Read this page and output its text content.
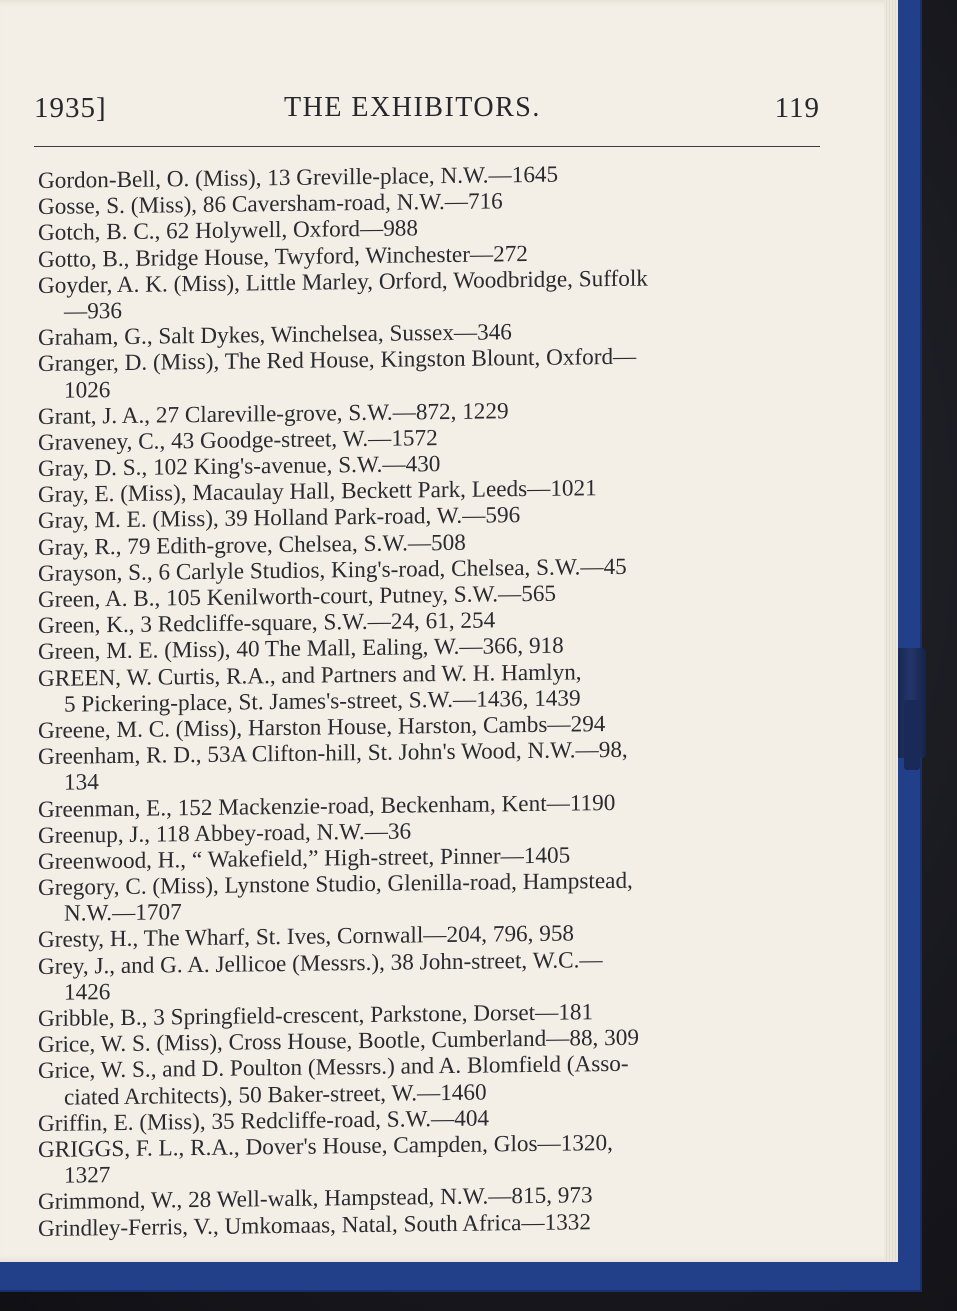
1935]	THE EXHIBITORS.	119
Gordon-Bell, O. (Miss), 13 Greville-place, N.W.—1645
Gosse, S. (Miss), 86 Caversham-road, N.W.—716
Gotch, B. C., 62 Holywell, Oxford—988
Gotto, B., Bridge House, Twyford, Winchester—272
Goyder, A. K. (Miss), Little Marley, Orford, Woodbridge, Suffolk
—936
Graham, G., Salt Dykes, Winchelsea, Sussex—346
Granger, D. (Miss), The Red House, Kingston Blount, Oxford—
1026
Grant, J. A., 27 Clareville-grove, S.W.—872, 1229
Graveney, C., 43 Goodge-street, W.—1572
Gray, D. S., 102 King's-avenue, S.W.—430
Gray, E. (Miss), Macaulay Hall, Beckett Park, Leeds—1021
Gray, M. E. (Miss), 39 Holland Park-road, W.—596
Gray, R., 79 Edith-grove, Chelsea, S.W.—508
Grayson, S., 6 Carlyle Studios, King's-road, Chelsea, S.W.—45
Green, A. B., 105 Kenilworth-court, Putney, S.W.—565
Green, K., 3 Redcliffe-square, S.W.—24, 61, 254
Green, M. E. (Miss), 40 The Mall, Ealing, W.—366, 918
GREEN, W. Curtis, R.A., and Partners and W. H. Hamlyn,
5 Pickering-place, St. James's-street, S.W.—1436, 1439
Greene, M. C. (Miss), Harston House, Harston, Cambs—294
Greenham, R. D., 53A Clifton-hill, St. John's Wood, N.W.—98,
134
Greenman, E., 152 Mackenzie-road, Beckenham, Kent—1190
Greenup, J., 118 Abbey-road, N.W.—36
Greenwood, H., “ Wakefield,” High-street, Pinner—1405
Gregory, C. (Miss), Lynstone Studio, Glenilla-road, Hampstead,
N.W.—1707
Gresty, H., The Wharf, St. Ives, Cornwall—204, 796, 958
Grey, J., and G. A. Jellicoe (Messrs.), 38 John-street, W.C.—
1426
Gribble, B., 3 Springfield-crescent, Parkstone, Dorset—181
Grice, W. S. (Miss), Cross House, Bootle, Cumberland—88, 309
Grice, W. S., and D. Poulton (Messrs.) and A. Blomfield (Asso-
ciated Architects), 50 Baker-street, W.—1460
Griffin, E. (Miss), 35 Redcliffe-road, S.W.—404
GRIGGS, F. L., R.A., Dover's House, Campden, Glos—1320,
1327
Grimmond, W., 28 Well-walk, Hampstead, N.W.—815, 973
Grindley-Ferris, V., Umkomaas, Natal, South Africa—1332
